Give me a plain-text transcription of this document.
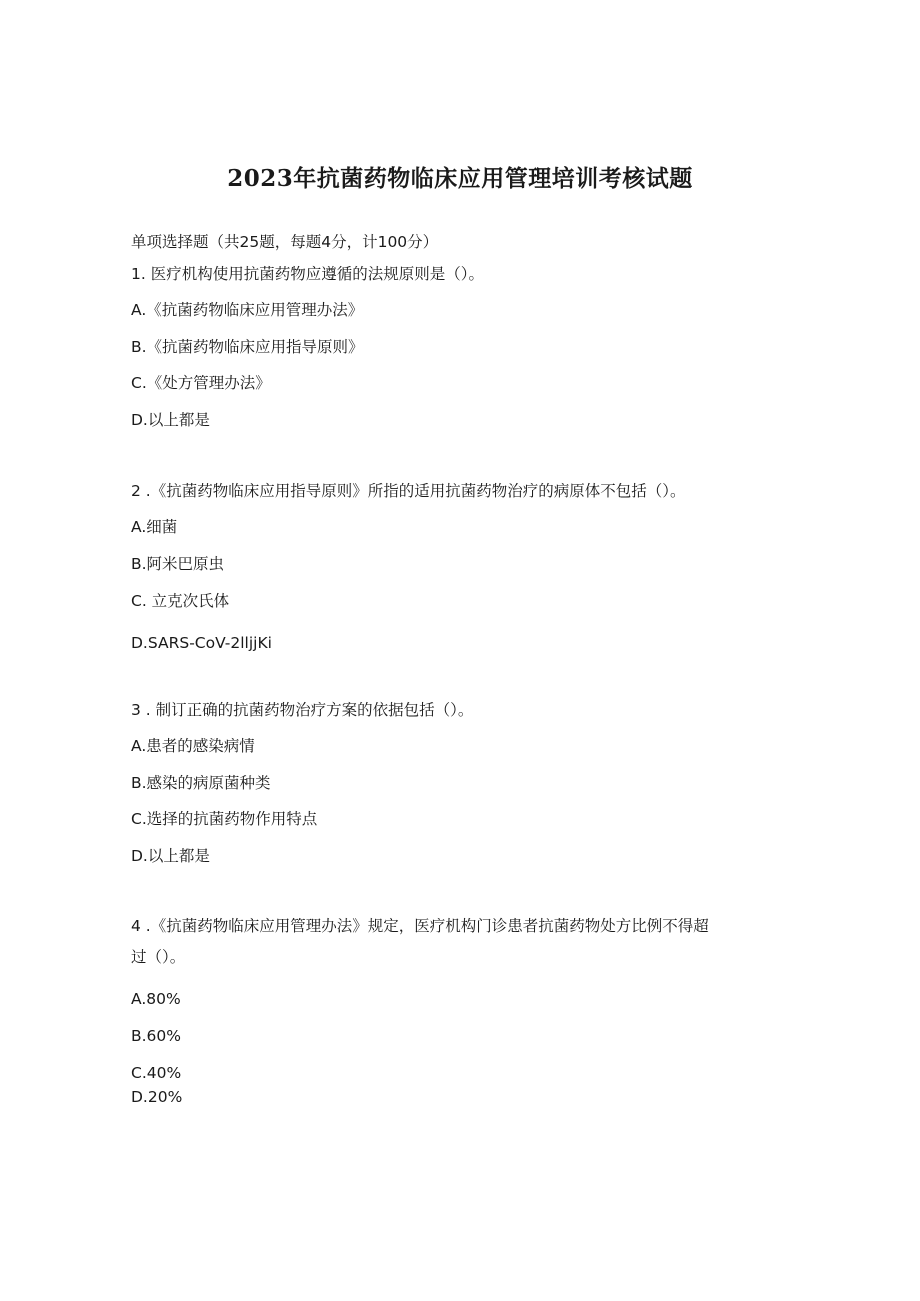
2023年抗菌药物临床应用管理培训考核试题
单项选择题（共25题，每题4分，计100分）
1. 医疗机构使用抗菌药物应遵循的法规原则是（）。
A.《抗菌药物临床应用管理办法》
B.《抗菌药物临床应用指导原则》
C.《处方管理办法》
D.以上都是
2 .《抗菌药物临床应用指导原则》所指的适用抗菌药物治疗的病原体不包括（）。
A.细菌
B.阿米巴原虫
C. 立克次氏体
D.SARS-CoV-2lljjKi
3 . 制订正确的抗菌药物治疗方案的依据包括（）。
A.患者的感染病情
B.感染的病原菌种类
C.选择的抗菌药物作用特点
D.以上都是
4 .《抗菌药物临床应用管理办法》规定，医疗机构门诊患者抗菌药物处方比例不得超
过（）。
A.80%
B.60%
C.40%
D.20%
